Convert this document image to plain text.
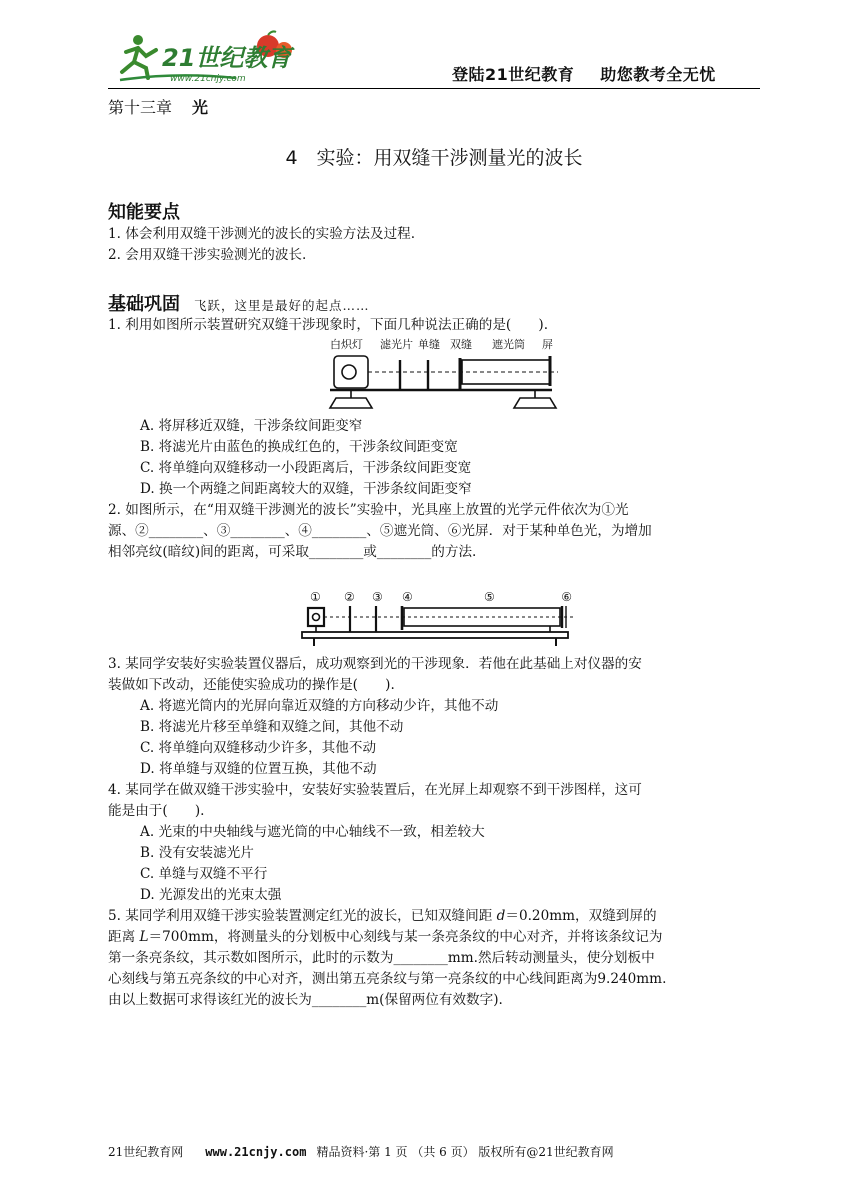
21世纪教育
www.21cnjy.com	登陆21世纪教育 助您教考全无忧
第十三章 光
4　实验：用双缝干涉测量光的波长
知能要点
1. 体会利用双缝干涉测光的波长的实验方法及过程.
2. 会用双缝干涉实验测光的波长.
基础巩固 飞跃，这里是最好的起点……
1. 利用如图所示装置研究双缝干涉现象时，下面几种说法正确的是(　　).
白炽灯 滤光片 单缝 双缝 遮光筒 屏
A. 将屏移近双缝，干涉条纹间距变窄
B. 将滤光片由蓝色的换成红色的，干涉条纹间距变宽
C. 将单缝向双缝移动一小段距离后，干涉条纹间距变宽
D. 换一个两缝之间距离较大的双缝，干涉条纹间距变窄
2. 如图所示，在“用双缝干涉测光的波长”实验中，光具座上放置的光学元件依次为①光
源、②________、③________、④________、⑤遮光筒、⑥光屏．对于某种单色光，为增加
相邻亮纹(暗纹)间的距离，可采取________或________的方法.
① ② ③ ④	⑤	⑥
3. 某同学安装好实验装置仪器后，成功观察到光的干涉现象．若他在此基础上对仪器的安
装做如下改动，还能使实验成功的操作是(　　).
A. 将遮光筒内的光屏向靠近双缝的方向移动少许，其他不动
B. 将滤光片移至单缝和双缝之间，其他不动
C. 将单缝向双缝移动少许多，其他不动
D. 将单缝与双缝的位置互换，其他不动
4. 某同学在做双缝干涉实验中，安装好实验装置后，在光屏上却观察不到干涉图样，这可
能是由于(　　).
A. 光束的中央轴线与遮光筒的中心轴线不一致，相差较大
B. 没有安装滤光片
C. 单缝与双缝不平行
D. 光源发出的光束太强
5. 某同学利用双缝干涉实验装置测定红光的波长，已知双缝间距 d＝0.20mm，双缝到屏的
距离 L＝700mm，将测量头的分划板中心刻线与某一条亮条纹的中心对齐，并将该条纹记为
第一条亮条纹，其示数如图所示，此时的示数为________mm.然后转动测量头，使分划板中
心刻线与第五亮条纹的中心对齐，测出第五亮条纹与第一亮条纹的中心线间距离为9.240mm.
由以上数据可求得该红光的波长为________m(保留两位有效数字).
21世纪教育网 www.21cnjy.com 精品资料·第 1 页 （共 6 页） 版权所有@21世纪教育网
